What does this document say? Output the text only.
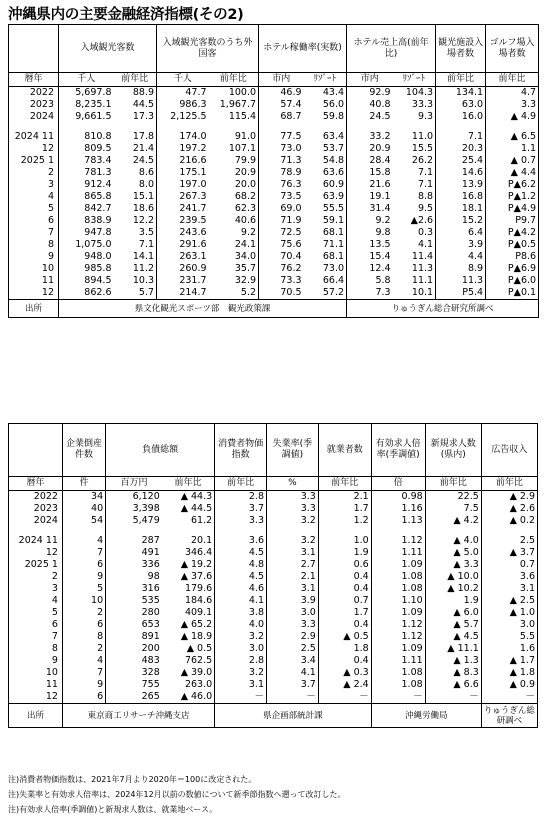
沖縄県内の主要金融経済指標(その2)
	入域観光客数		入域観光客数のうち外国客		ホテル稼働率(実数)		ホテル売上高(前年比)		観光施設入場者数	ゴルフ場入場者数
暦年	千人	前年比	千人	前年比	市内	ﾘｿﾞｰﾄ	市内	ﾘｿﾞｰﾄ	前年比	前年比
2022	5,697.8	88.9	47.7	100.0	46.9	43.4	92.9	104.3	134.1	4.7
2023	8,235.1	44.5	986.3	1,967.7	57.4	56.0	40.8	33.3	63.0	3.3
2024	9,661.5	17.3	2,125.5	115.4	68.7	59.8	24.5	9.3	16.0	▲ 4.9

2024 11	810.8	17.8	174.0	91.0	77.5	63.4	33.2	11.0	7.1	▲ 6.5
12	809.5	21.4	197.2	107.1	73.0	53.7	20.9	15.5	20.3	1.1
2025 1	783.4	24.5	216.6	79.9	71.3	54.8	28.4	26.2	25.4	▲ 0.7
2	781.3	8.6	175.1	20.9	78.9	63.6	15.8	7.1	14.6	▲ 4.4
3	912.4	8.0	197.0	20.0	76.3	60.9	21.6	7.1	13.9	P▲6.2
4	865.8	15.1	267.3	68.2	73.5	63.9	19.1	8.8	16.8	P▲1.2
5	842.7	18.6	241.7	62.3	69.0	55.5	31.4	9.5	18.1	P▲4.9
6	838.9	12.2	239.5	40.6	71.9	59.1	9.2	▲2.6	15.2	P9.7
7	947.8	3.5	243.6	9.2	72.5	68.1	9.8	0.3	6.4	P▲4.2
8	1,075.0	7.1	291.6	24.1	75.6	71.1	13.5	4.1	3.9	P▲0.5
9	948.0	14.1	263.1	34.0	70.4	68.1	15.4	11.4	4.4	P8.6
10	985.8	11.2	260.9	35.7	76.2	73.0	12.4	11.3	8.9	P▲6.9
11	894.5	10.3	231.7	32.9	73.3	66.4	5.8	11.1	11.3	P▲6.0
12	862.6	5.7	214.7	5.2	70.5	57.2	7.3	10.1	P5.4	P▲0.1
出所	県文化観光スポーツ部　観光政策課						りゅうぎん総合研究所調べ			
	企業倒産件数	負債総額		消費者物価指数	失業率(季調値)	就業者数	有効求人倍率(季調値)	新規求人数(県内)	広告収入
暦年	件	百万円	前年比	前年比	%	前年比	倍	前年比	前年比
2022	34	6,120	▲ 44.3	2.8	3.3	2.1	0.98	22.5	▲ 2.9
2023	40	3,398	▲ 44.5	3.7	3.3	1.7	1.16	7.5	▲ 2.6
2024	54	5,479	61.2	3.3	3.2	1.2	1.13	▲ 4.2	▲ 0.2

2024 11	4	287	20.1	3.6	3.2	1.0	1.12	▲ 4.0	2.5
12	7	491	346.4	4.5	3.1	1.9	1.11	▲ 5.0	▲ 3.7
2025 1	6	336	▲ 19.2	4.8	2.7	0.6	1.09	▲ 3.3	0.7
2	9	98	▲ 37.6	4.5	2.1	0.4	1.08	▲ 10.0	3.6
3	5	316	179.6	4.6	3.1	0.4	1.08	▲ 10.2	3.1
4	10	535	184.6	4.1	3.9	0.7	1.10	1.9	▲ 2.5
5	2	280	409.1	3.8	3.0	1.7	1.09	▲ 6.0	▲ 1.0
6	6	653	▲ 65.2	4.0	3.3	0.4	1.12	▲ 5.7	3.0
7	8	891	▲ 18.9	3.2	2.9	▲ 0.5	1.12	▲ 4.5	5.5
8	2	200	▲ 0.5	3.0	2.5	1.8	1.09	▲ 11.1	1.6
9	4	483	762.5	2.8	3.4	0.4	1.11	▲ 1.3	▲ 1.7
10	7	328	▲ 39.0	3.2	4.1	▲ 0.3	1.08	▲ 8.3	▲ 1.8
11	9	755	263.0	3.1	3.7	▲ 2.4	1.08	▲ 6.6	▲ 0.9
12	6	265	▲ 46.0	－	－	－	－	－	－
出所	東京商工リサーチ沖縄支店			県企画部統計課			沖縄労働局		りゅうぎん総研調べ
注)消費者物価指数は、2021年7月より2020年＝100に改定された。
注)失業率と有効求人倍率は、2024年12月以前の数値について新季節指数へ遡って改訂した。
注)有効求人倍率(季調値)と新規求人数は、就業地ベース。
